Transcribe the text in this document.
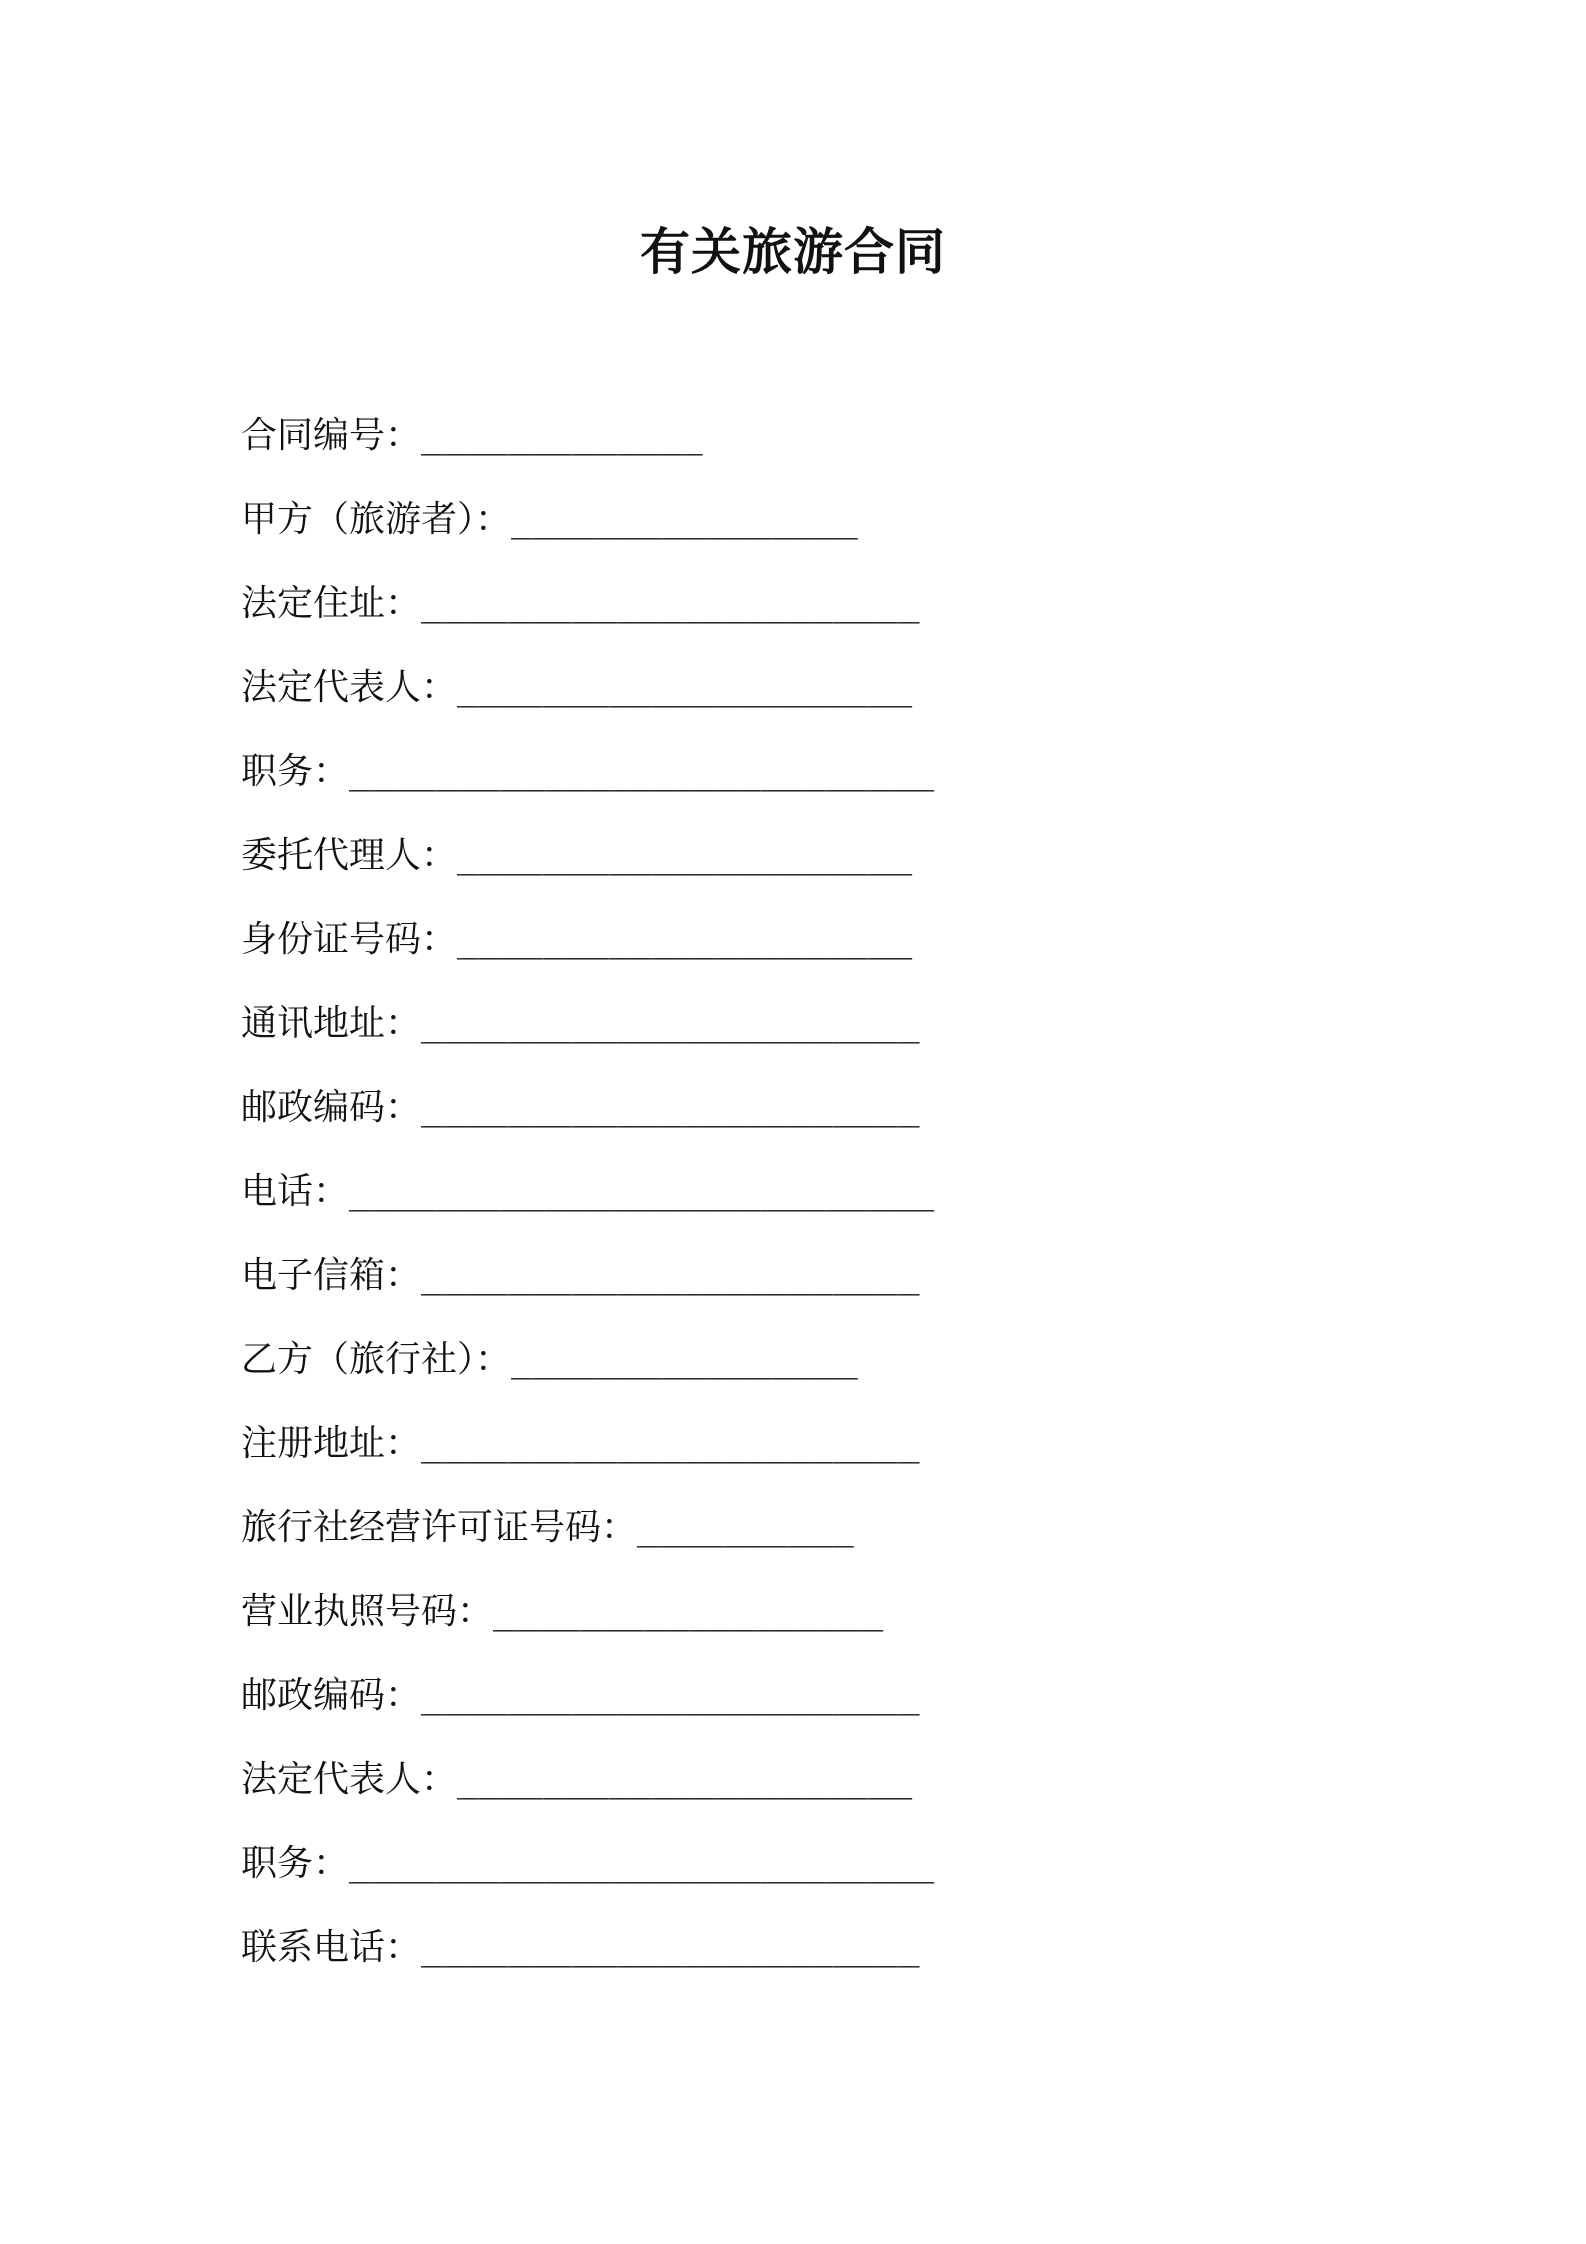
有关旅游合同
合同编号： _____________
甲方（旅游者）： ________________
法定住址： _______________________
法定代表人： _____________________
职务： ___________________________
委托代理人： _____________________
身份证号码： _____________________
通讯地址： _______________________
邮政编码： _______________________
电话： ___________________________
电子信箱： _______________________
乙方（旅行社）： ________________
注册地址： _______________________
旅行社经营许可证号码： __________
营业执照号码： __________________
邮政编码： _______________________
法定代表人： _____________________
职务： ___________________________
联系电话： _______________________
